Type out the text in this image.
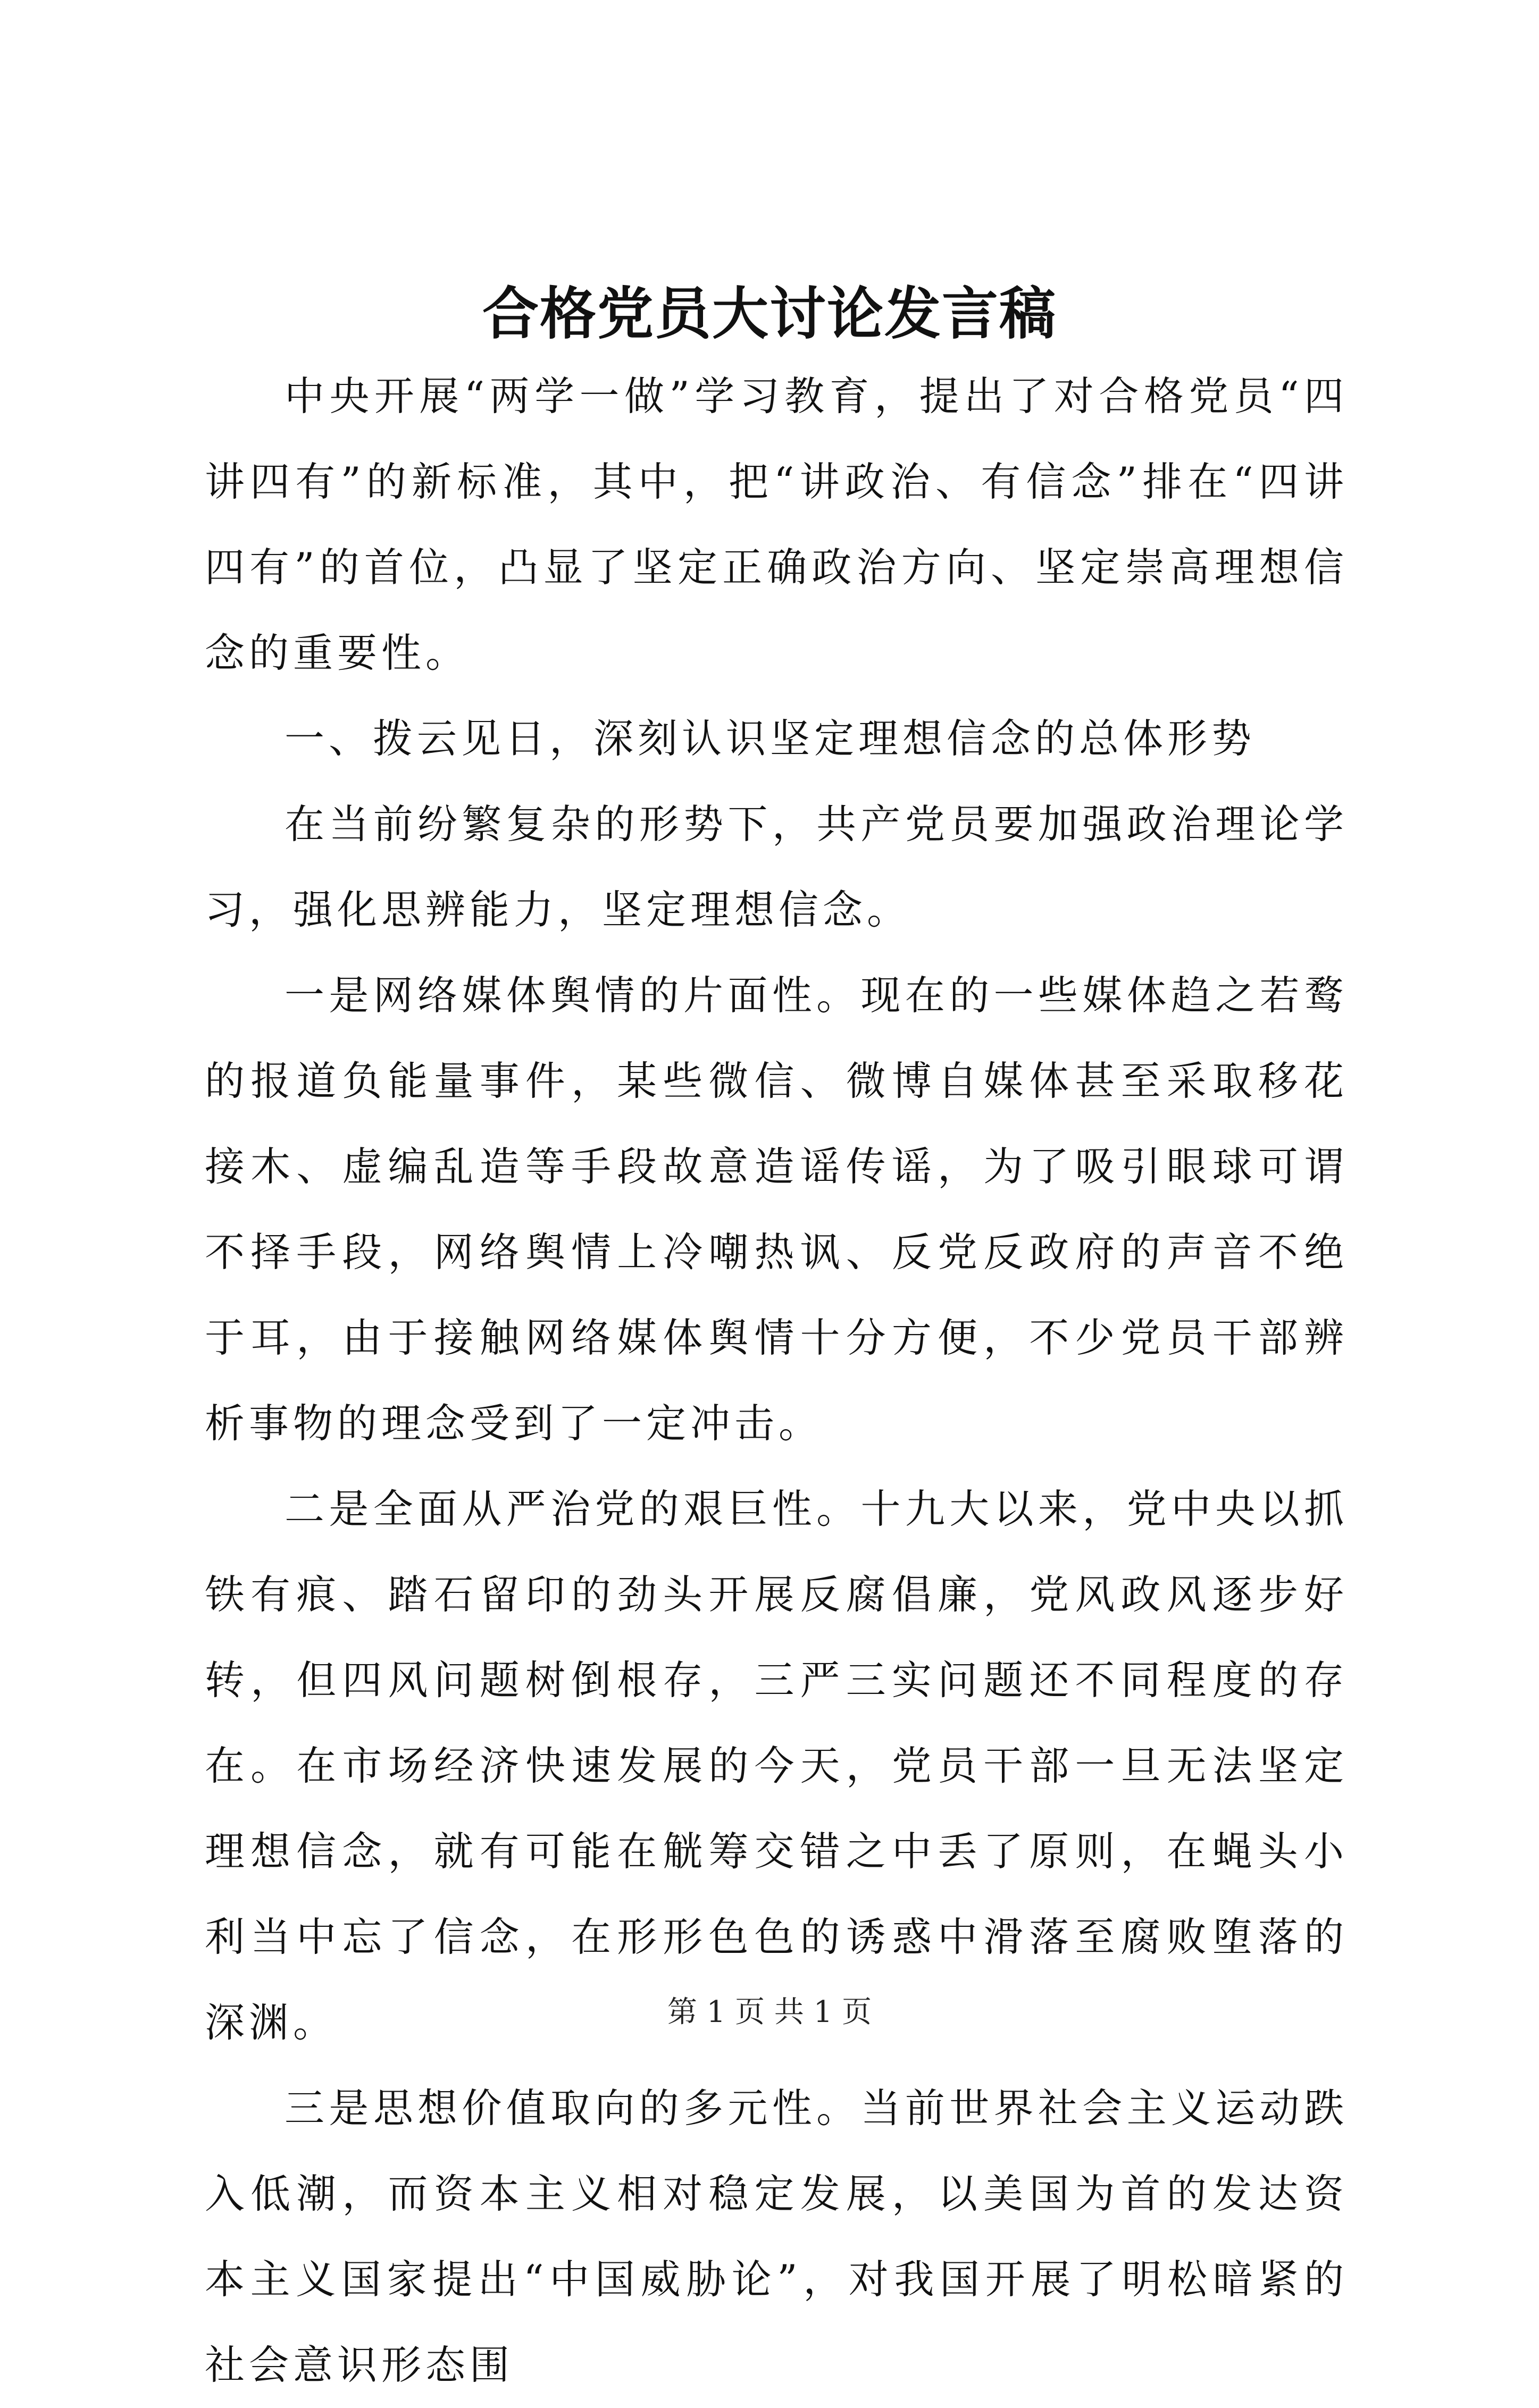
合格党员大讨论发言稿

中央开展“两学一做”学习教育，提出了对合格党员“四讲四有”的新标准，其中，把“讲政治、有信念”排在“四讲四有”的首位，凸显了坚定正确政治方向、坚定崇高理想信念的重要性。

一、拨云见日，深刻认识坚定理想信念的总体形势

在当前纷繁复杂的形势下，共产党员要加强政治理论学习，强化思辨能力，坚定理想信念。

一是网络媒体舆情的片面性。现在的一些媒体趋之若鹜的报道负能量事件，某些微信、微博自媒体甚至采取移花接木、虚编乱造等手段故意造谣传谣，为了吸引眼球可谓不择手段，网络舆情上冷嘲热讽、反党反政府的声音不绝于耳，由于接触网络媒体舆情十分方便，不少党员干部辨析事物的理念受到了一定冲击。

二是全面从严治党的艰巨性。十九大以来，党中央以抓铁有痕、踏石留印的劲头开展反腐倡廉，党风政风逐步好转，但四风问题树倒根存，三严三实问题还不同程度的存在。在市场经济快速发展的今天，党员干部一旦无法坚定理想信念，就有可能在觥筹交错之中丢了原则，在蝇头小利当中忘了信念，在形形色色的诱惑中滑落至腐败堕落的深渊。

三是思想价值取向的多元性。当前世界社会主义运动跌入低潮，而资本主义相对稳定发展，以美国为首的发达资本主义国家提出“中国威胁论”，对我国开展了明松暗紧的社会意识形态围

第 1 页 共 1 页
